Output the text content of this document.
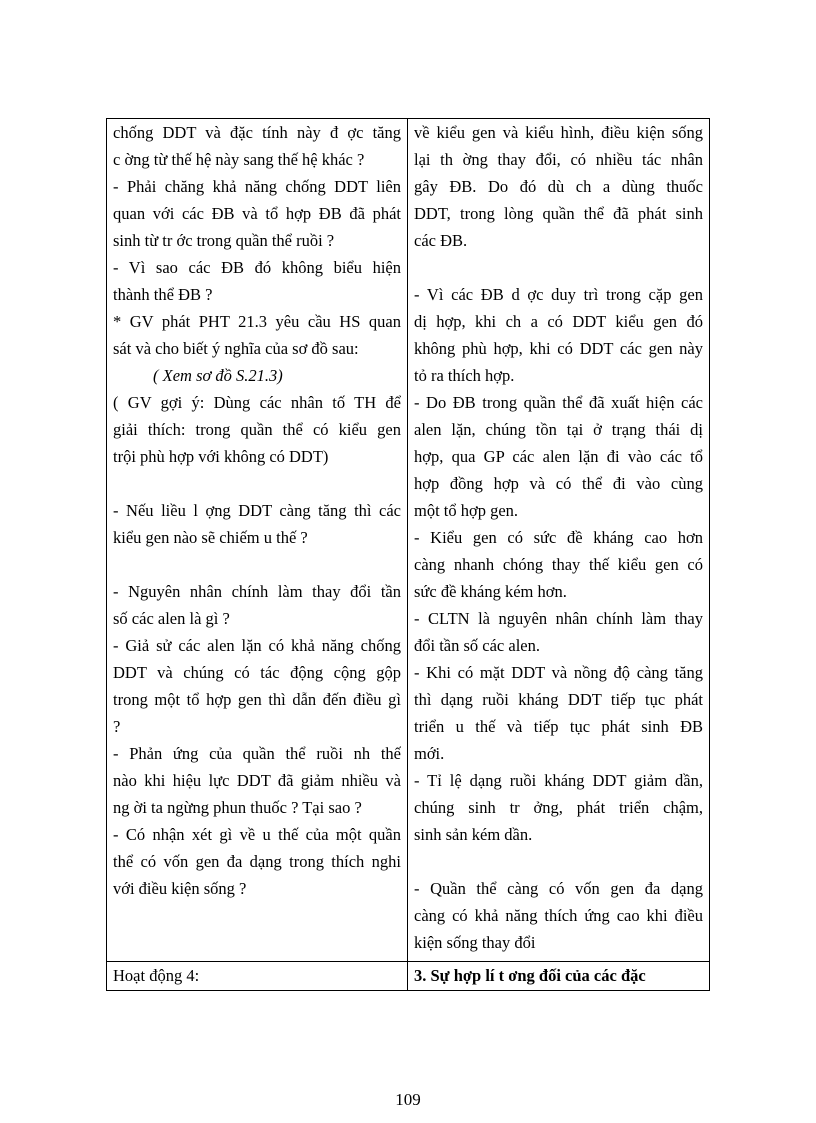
chống DDT và đặc tính này đ ợc tăng
c ờng từ thế hệ này sang thế hệ khác ?
- Phải chăng khả năng chống DDT liên
quan với các ĐB và tổ hợp ĐB đã phát
sinh từ tr ớc trong quần thể ruồi ?
- Vì sao các ĐB đó không biểu hiện
thành thể ĐB ?
* GV phát PHT 21.3 yêu cầu HS quan
sát và cho biết ý nghĩa của sơ đồ sau:
( Xem sơ đồ S.21.3)
( GV gợi ý: Dùng các nhân tố TH để
giải thích: trong quần thể có kiểu gen
trội phù hợp với không có DDT)
- Nếu liều l ợng DDT càng tăng thì các
kiểu gen nào sẽ chiếm u thế ?
- Nguyên nhân chính làm thay đổi tần
số các alen là gì ?
- Giả sử các alen lặn có khả năng chống
DDT và chúng có tác động cộng gộp
trong một tổ hợp gen thì dẫn đến điều gì
?
- Phản ứng của quần thể ruồi nh thế
nào khi hiệu lực DDT đã giảm nhiều và
ng ời ta ngừng phun thuốc ? Tại sao ?
- Có nhận xét gì về u thế của một quần
thể có vốn gen đa dạng trong thích nghi
với điều kiện sống ?
về kiểu gen và kiểu hình, điều kiện sống
lại th ờng thay đổi, có nhiều tác nhân
gây ĐB. Do đó dù ch a dùng thuốc
DDT, trong lòng quần thể đã phát sinh
các ĐB.
- Vì các ĐB d ợc duy trì trong cặp gen
dị hợp, khi ch a có DDT kiểu gen đó
không phù hợp, khi có DDT các gen này
tỏ ra thích hợp.
- Do ĐB trong quần thể đã xuất hiện các
alen lặn, chúng tồn tại ở trạng thái dị
hợp, qua GP các alen lặn đi vào các tổ
hợp đồng hợp và có thể đi vào cùng
một tổ hợp gen.
- Kiểu gen có sức đề kháng cao hơn
càng nhanh chóng thay thế kiểu gen có
sức đề kháng kém hơn.
- CLTN là nguyên nhân chính làm thay
đổi tần số các alen.
- Khi có mặt DDT và nồng độ càng tăng
thì dạng ruồi kháng DDT tiếp tục phát
triển u thế và tiếp tục phát sinh ĐB
mới.
- Tỉ lệ dạng ruồi kháng DDT giảm dần,
chúng sinh tr ởng, phát triển chậm,
sinh sản kém dần.
- Quần thể càng có vốn gen đa dạng
càng có khả năng thích ứng cao khi điều
kiện sống thay đổi
Hoạt động 4:	3. Sự hợp lí t ơng đối của các đặc
109
